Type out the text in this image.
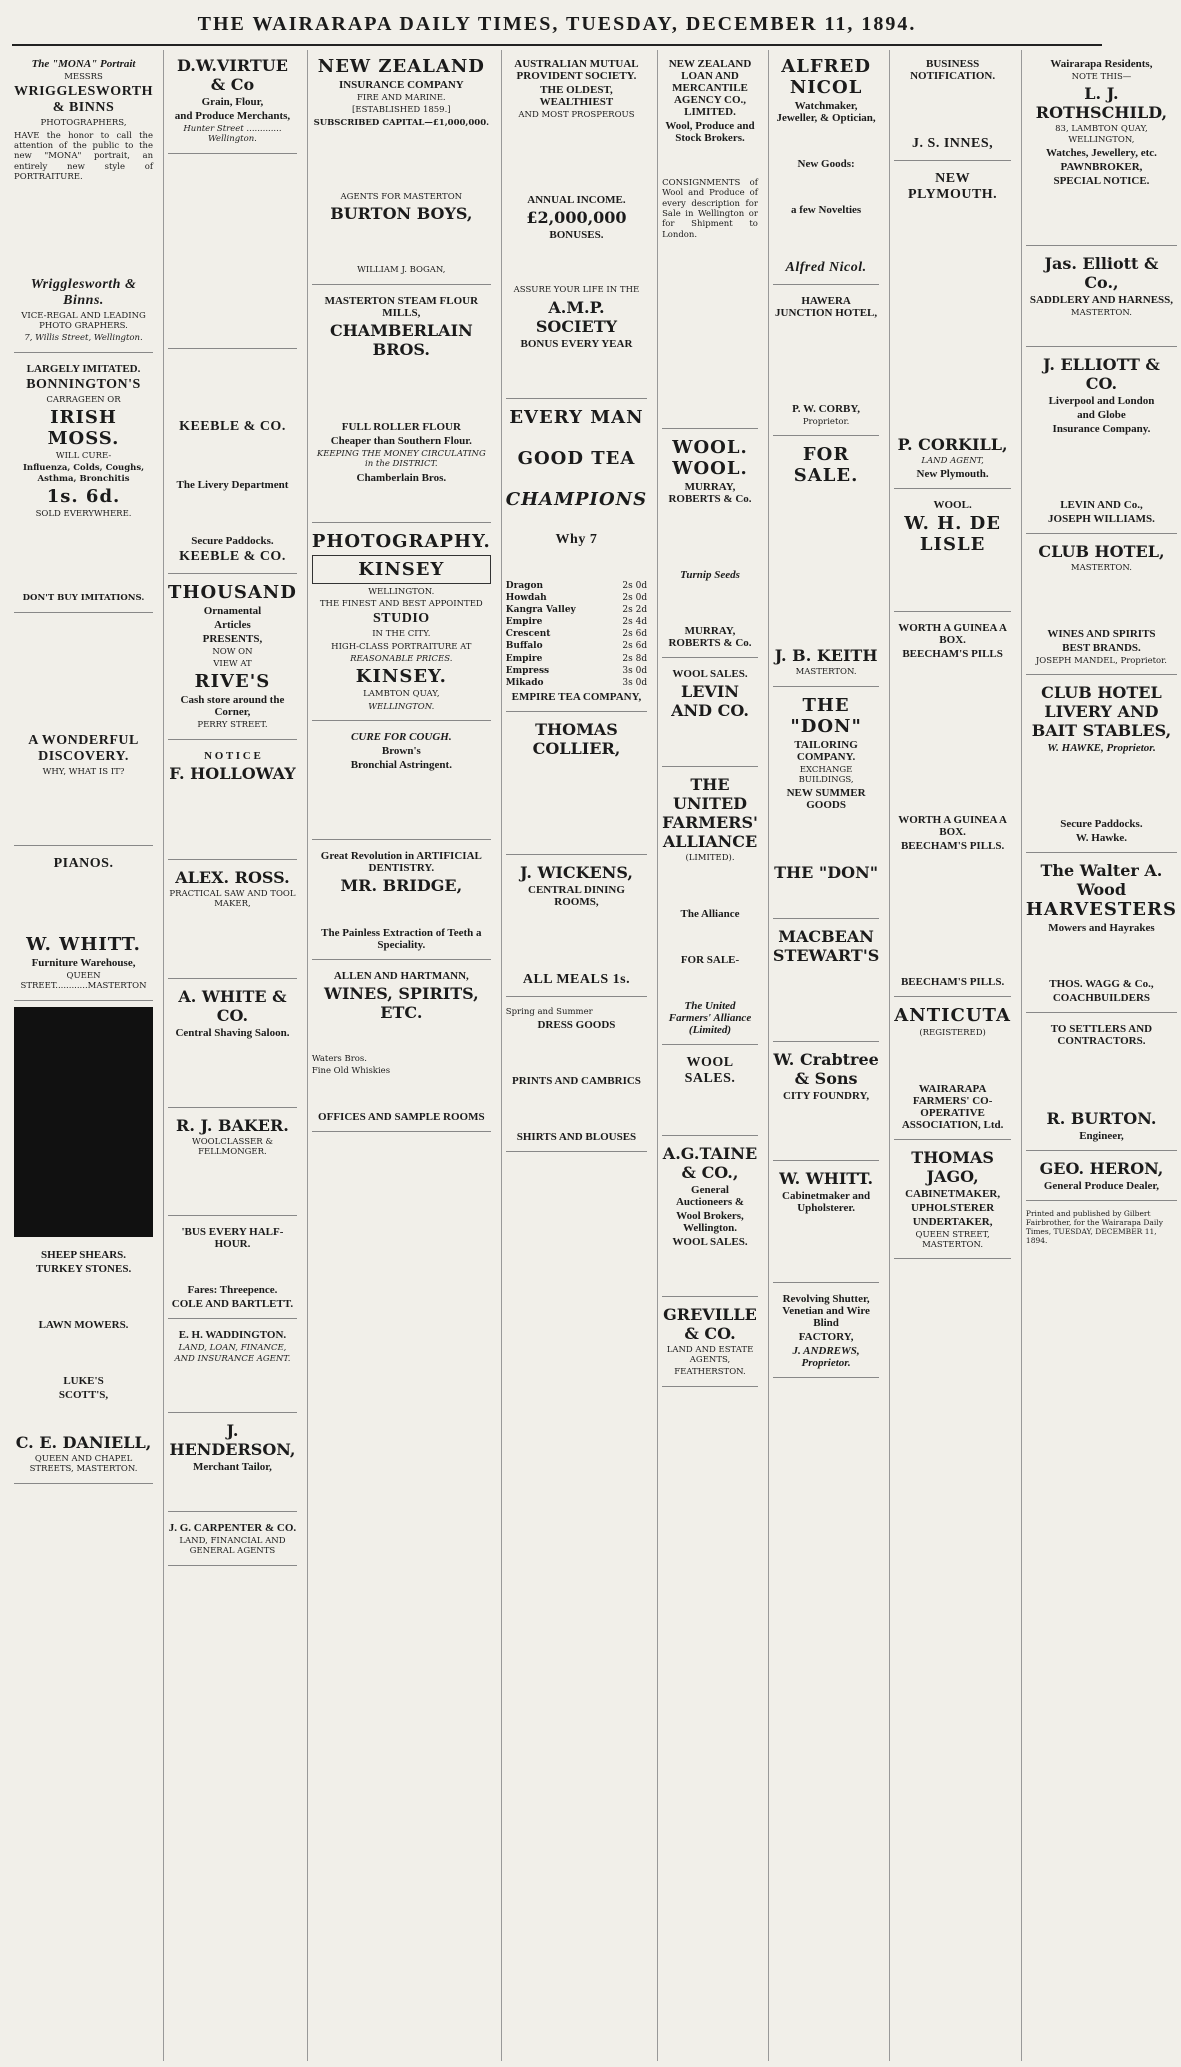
THE WAIRARAPA DAILY TIMES, TUESDAY, DECEMBER 11, 1894.
The "MONA" Portrait

MESSRS

WRIGGLESWORTH & BINNS

PHOTOGRAPHERS,

HAVE the honor to call the attention of the public to the new "MONA" portrait, an entirely new style of PORTRAITURE.

Wrigglesworth & Binns.

VICE-REGAL AND LEADING PHOTO GRAPHERS.

7, Willis Street, Wellington.

LARGELY IMITATED.
BONNINGTON'S

CARRAGEEN OR

IRISH MOSS.

WILL CURE-

Influenza, Colds, Coughs, Asthma, Bronchitis

1s. 6d.

SOLD EVERYWHERE.

DON'T BUY IMITATIONS.

A WONDERFUL DISCOVERY.

WHY, WHAT IS IT?

PIANOS.
W. WHITT.
Furniture Warehouse,

QUEEN STREET............MASTERTON

SHEEP SHEARS.
TURKEY STONES.
LAWN MOWERS.
LUKE'S
SCOTT'S,
C. E. DANIELL,

QUEEN AND CHAPEL STREETS, MASTERTON.

D.W.VIRTUE & Co
Grain, Flour,
and Produce Merchants,

Hunter Street ............. Wellington.

KEEBLE & CO.
The Livery Department
Secure Paddocks.
KEEBLE & CO.
THOUSAND
Ornamental
Articles
PRESENTS,

NOW ON

VIEW AT

RIVE'S
Cash store around the Corner,

PERRY STREET.

N O T I C E
F. HOLLOWAY
ALEX. ROSS.

PRACTICAL SAW AND TOOL MAKER,

A. WHITE & CO.
Central Shaving Saloon.
R. J. BAKER.

WOOLCLASSER & FELLMONGER.

'BUS EVERY HALF-HOUR.
Fares: Threepence.
COLE AND BARTLETT.
E. H. WADDINGTON.

LAND, LOAN, FINANCE, AND INSURANCE AGENT.

J. HENDERSON,
Merchant Tailor,
J. G. CARPENTER & CO.

LAND, FINANCIAL AND GENERAL AGENTS

NEW ZEALAND
INSURANCE COMPANY

FIRE AND MARINE.

[ESTABLISHED 1859.]

SUBSCRIBED CAPITAL—£1,000,000.

AGENTS FOR MASTERTON

BURTON BOYS,

WILLIAM J. BOGAN,

MASTERTON STEAM FLOUR MILLS,
CHAMBERLAIN BROS.
FULL ROLLER FLOUR
Cheaper than Southern Flour.

KEEPING THE MONEY CIRCULATING in the DISTRICT.

Chamberlain Bros.
PHOTOGRAPHY.
KINSEY

WELLINGTON.

THE FINEST AND BEST APPOINTED

STUDIO

IN THE CITY.

HIGH-CLASS PORTRAITURE AT

REASONABLE PRICES.

KINSEY.

LAMBTON QUAY,

WELLINGTON.

CURE FOR COUGH.
Brown's
Bronchial Astringent.
Great Revolution in ARTIFICIAL DENTISTRY.
MR. BRIDGE,
The Painless Extraction of Teeth a Speciality.
ALLEN AND HARTMANN,
WINES, SPIRITS, ETC.

Waters Bros.

Fine Old Whiskies

OFFICES AND SAMPLE ROOMS
AUSTRALIAN MUTUAL PROVIDENT SOCIETY.
THE OLDEST, WEALTHIEST

AND MOST PROSPEROUS

ANNUAL INCOME.
£2,000,000
BONUSES.

ASSURE YOUR LIFE IN THE

A.M.P. SOCIETY
BONUS EVERY YEAR
EVERY MAN
GOOD TEA
CHAMPIONS
Why 7
Dragon	2s 0d
Howdah	2s 0d
Kangra Valley	2s 2d
Empire	2s 4d
Crescent	2s 6d
Buffalo	2s 6d
Empire	2s 8d
Empress	3s 0d
Mikado	3s 0d
EMPIRE TEA COMPANY,
THOMAS COLLIER,
J. WICKENS,
CENTRAL DINING ROOMS,
ALL MEALS 1s.

Spring and Summer

DRESS GOODS
PRINTS AND CAMBRICS
SHIRTS AND BLOUSES
NEW ZEALAND LOAN AND MERCANTILE AGENCY CO., LIMITED.
Wool, Produce and Stock Brokers.

CONSIGNMENTS of Wool and Produce of every description for Sale in Wellington or for Shipment to London.

WOOL. WOOL.
MURRAY, ROBERTS & Co.
Turnip Seeds
MURRAY, ROBERTS & Co.
WOOL SALES.
LEVIN AND CO.
THE UNITED FARMERS' ALLIANCE

(LIMITED).

The Alliance
FOR SALE-
The United Farmers' Alliance (Limited)
WOOL SALES.
A.G.TAINE & CO.,
General Auctioneers &
Wool Brokers, Wellington.
WOOL SALES.
GREVILLE & CO.

LAND AND ESTATE AGENTS,

FEATHERSTON.

ALFRED NICOL
Watchmaker, Jeweller, & Optician,
New Goods:
a few Novelties
Alfred Nicol.
HAWERA JUNCTION HOTEL,
P. W. CORBY,

Proprietor.

FOR SALE.
J. B. KEITH

MASTERTON.

THE "DON"
TAILORING COMPANY.

EXCHANGE BUILDINGS,

NEW SUMMER GOODS
THE "DON"
MACBEAN STEWART'S
W. Crabtree & Sons
CITY FOUNDRY,
W. WHITT.
Cabinetmaker and Upholsterer.
Revolving Shutter, Venetian and Wire Blind
FACTORY,
J. ANDREWS, Proprietor.
BUSINESS NOTIFICATION.
J. S. INNES,
NEW PLYMOUTH.
P. CORKILL,

LAND AGENT,

New Plymouth.
WOOL.
W. H. DE LISLE
WORTH A GUINEA A BOX.
BEECHAM'S PILLS
WORTH A GUINEA A BOX.
BEECHAM'S PILLS.
BEECHAM'S PILLS.
ANTICUTA

(REGISTERED)

WAIRARAPA FARMERS' CO-OPERATIVE ASSOCIATION, Ltd.
THOMAS JAGO,
CABINETMAKER,
UPHOLSTERER
UNDERTAKER,

QUEEN STREET, MASTERTON.

Wairarapa Residents,

NOTE THIS—

L. J. ROTHSCHILD,

83, LAMBTON QUAY, WELLINGTON,

Watches, Jewellery, etc.
PAWNBROKER,
SPECIAL NOTICE.
Jas. Elliott & Co.,
SADDLERY AND HARNESS,

MASTERTON.

J. ELLIOTT & CO.
Liverpool and London
and Globe
Insurance Company.
LEVIN AND Co.,
JOSEPH WILLIAMS.
CLUB HOTEL,

MASTERTON.

WINES AND SPIRITS
BEST BRANDS.

JOSEPH MANDEL, Proprietor.

CLUB HOTEL LIVERY AND BAIT STABLES,
W. HAWKE, Proprietor.
Secure Paddocks.
W. Hawke.
The Walter A. Wood
HARVESTERS
Mowers and Hayrakes
THOS. WAGG & Co.,
COACHBUILDERS
TO SETTLERS AND CONTRACTORS.
R. BURTON.
Engineer,
GEO. HERON,
General Produce Dealer,

Printed and published by Gilbert Fairbrother, for the Wairarapa Daily Times, TUESDAY, DECEMBER 11, 1894.
